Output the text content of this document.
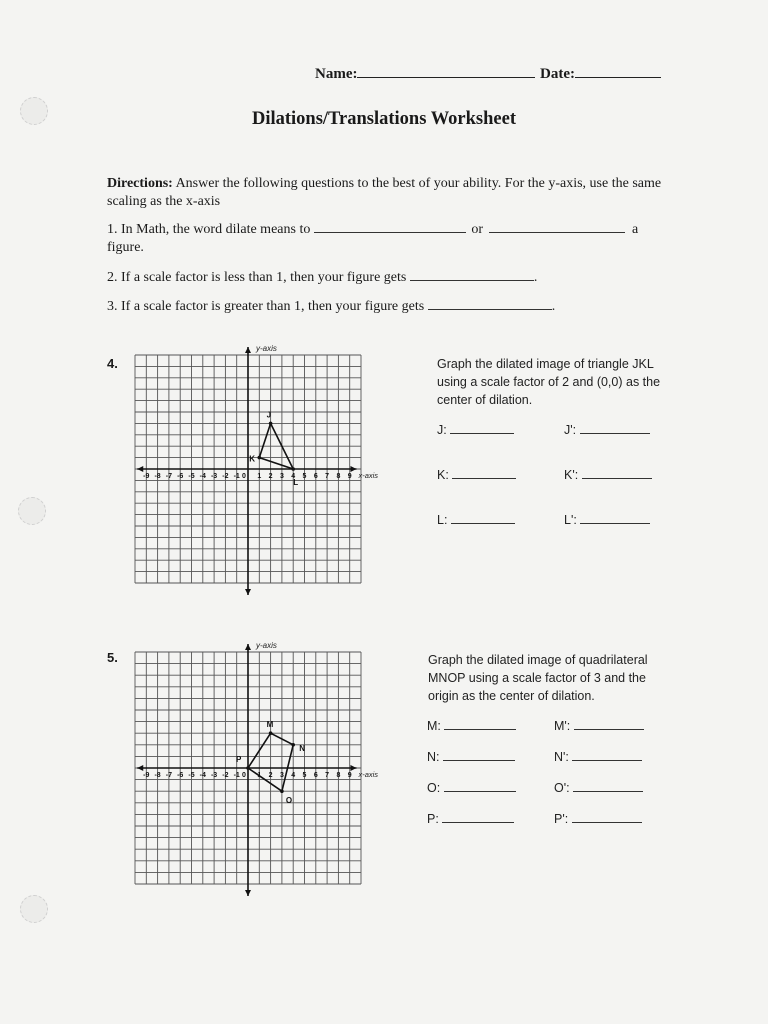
Name:	Date:
Dilations/Translations Worksheet
Directions: Answer the following questions to the best of your ability. For the y-axis, use the same scaling as the x-axis
1. In Math, the word dilate means to	or	a
figure.
2. If a scale factor is less than 1, then your figure gets	.
3. If a scale factor is greater than 1, then your figure gets	.
4.
y-axis
x-axis
-9 -8 -7 -6 -5 -4 -3 -2 -1 0 1 2 3 4 5 6 7 8 9
J
K
L
Graph the dilated image of triangle JKL using a scale factor of 2 and (0,0) as the center of dilation.
J:	J':
K:	K':
L:	L':
5.
y-axis
x-axis
-9 -8 -7 -6 -5 -4 -3 -2 -1 0 1 2 3 4 5 6 7 8 9
M
N
O
P
Graph the dilated image of quadrilateral MNOP using a scale factor of 3 and the origin as the center of dilation.
M:	M':
N:	N':
O:	O':
P:	P':
